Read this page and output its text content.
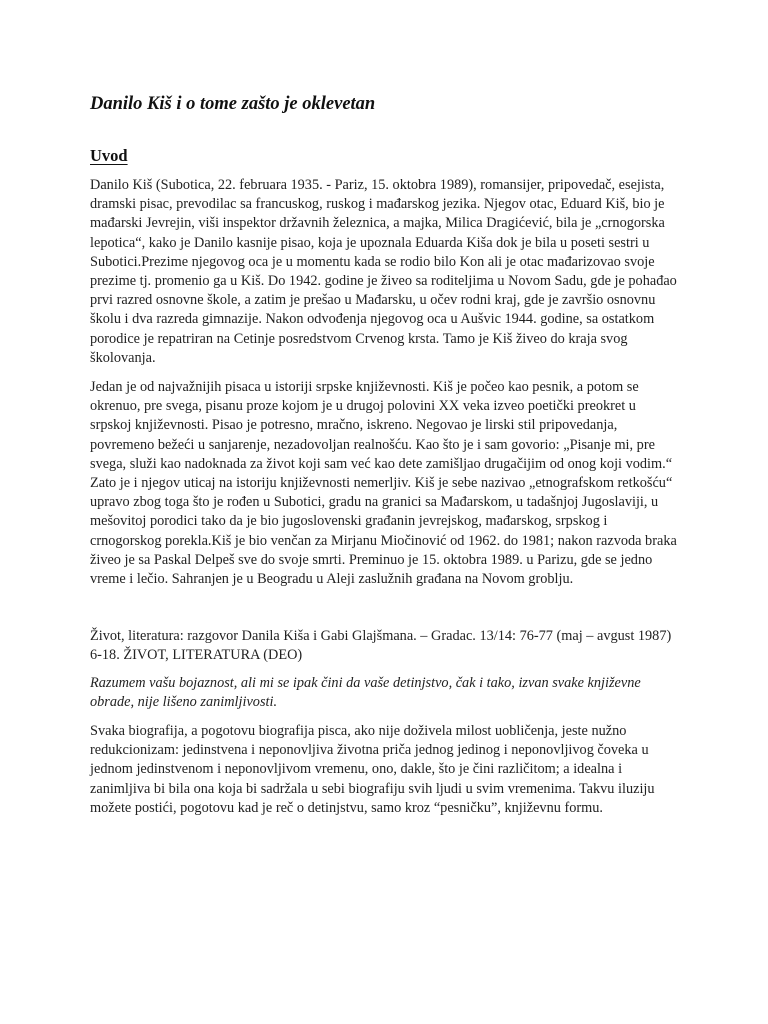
Danilo Kiš i o tome zašto je oklevetan
Uvod

Danilo Kiš (Subotica, 22. februara 1935. - Pariz, 15. oktobra 1989), romansijer, pripovedač, esejista, dramski pisac, prevodilac sa francuskog, ruskog i mađarskog jezika. Njegov otac, Eduard Kiš, bio je mađarski Jevrejin, viši inspektor državnih železnica, a majka, Milica Dragićević, bila je „crnogorska lepotica“, kako je Danilo kasnije pisao, koja je upoznala Eduarda Kiša dok je bila u poseti sestri u Subotici.Prezime njegovog oca je u momentu kada se rodio bilo Kon ali je otac mađarizovao svoje prezime tj. promenio ga u Kiš. Do 1942. godine je živeo sa roditeljima u Novom Sadu, gde je pohađao prvi razred osnovne škole, a zatim je prešao u Mađarsku, u očev rodni kraj, gde je završio osnovnu školu i dva razreda gimnazije. Nakon odvođenja njegovog oca u Aušvic 1944. godine, sa ostatkom porodice je repatriran na Cetinje posredstvom Crvenog krsta. Tamo je Kiš živeo do kraja svog školovanja.

Jedan je od najvažnijih pisaca u istoriji srpske književnosti. Kiš je počeo kao pesnik, a potom se okrenuo, pre svega, pisanu proze kojom je u drugoj polovini XX veka izveo poetički preokret u srpskoj književnosti. Pisao je potresno, mračno, iskreno. Negovao je lirski stil pripovedanja, povremeno bežeći u sanjarenje, nezadovoljan realnošću. Kao što je i sam govorio: „Pisanje mi, pre svega, služi kao nadoknada za život koji sam već kao dete zamišljao drugačijim od onog koji vodim.“ Zato je i njegov uticaj na istoriju književnosti nemerljiv. Kiš je sebe nazivao „etnografskom retkošću“ upravo zbog toga što je rođen u Subotici, gradu na granici sa Mađarskom, u tadašnjoj Jugoslaviji, u mešovitoj porodici tako da je bio jugoslovenski građanin jevrejskog, mađarskog, srpskog i crnogorskog porekla.Kiš je bio venčan za Mirjanu Miočinović od 1962. do 1981; nakon razvoda braka živeo je sa Paskal Delpeš sve do svoje smrti. Preminuo je 15. oktobra 1989. u Parizu, gde se jedno vreme i lečio. Sahranjen je u Beogradu u Aleji zaslužnih građana na Novom groblju.

Život, literatura: razgovor Danila Kiša i Gabi Glajšmana. – Gradac. 13/14: 76-77 (maj – avgust 1987) 6-18. ŽIVOT, LITERATURA (DEO)

Razumem vašu bojaznost, ali mi se ipak čini da vaše detinjstvo, čak i tako, izvan svake književne obrade, nije lišeno zanimljivosti.

Svaka biografija, a pogotovu biografija pisca, ako nije doživela milost uobličenja, jeste nužno redukcionizam: jedinstvena i neponovljiva životna priča jednog jedinog i neponovljivog čoveka u jednom jedinstvenom i neponovljivom vremenu, ono, dakle, što je čini različitom; a idealna i zanimljiva bi bila ona koja bi sadržala u sebi biografiju svih ljudi u svim vremenima. Takvu iluziju možete postići, pogotovu kad je reč o detinjstvu, samo kroz “pesničku”, književnu formu.
